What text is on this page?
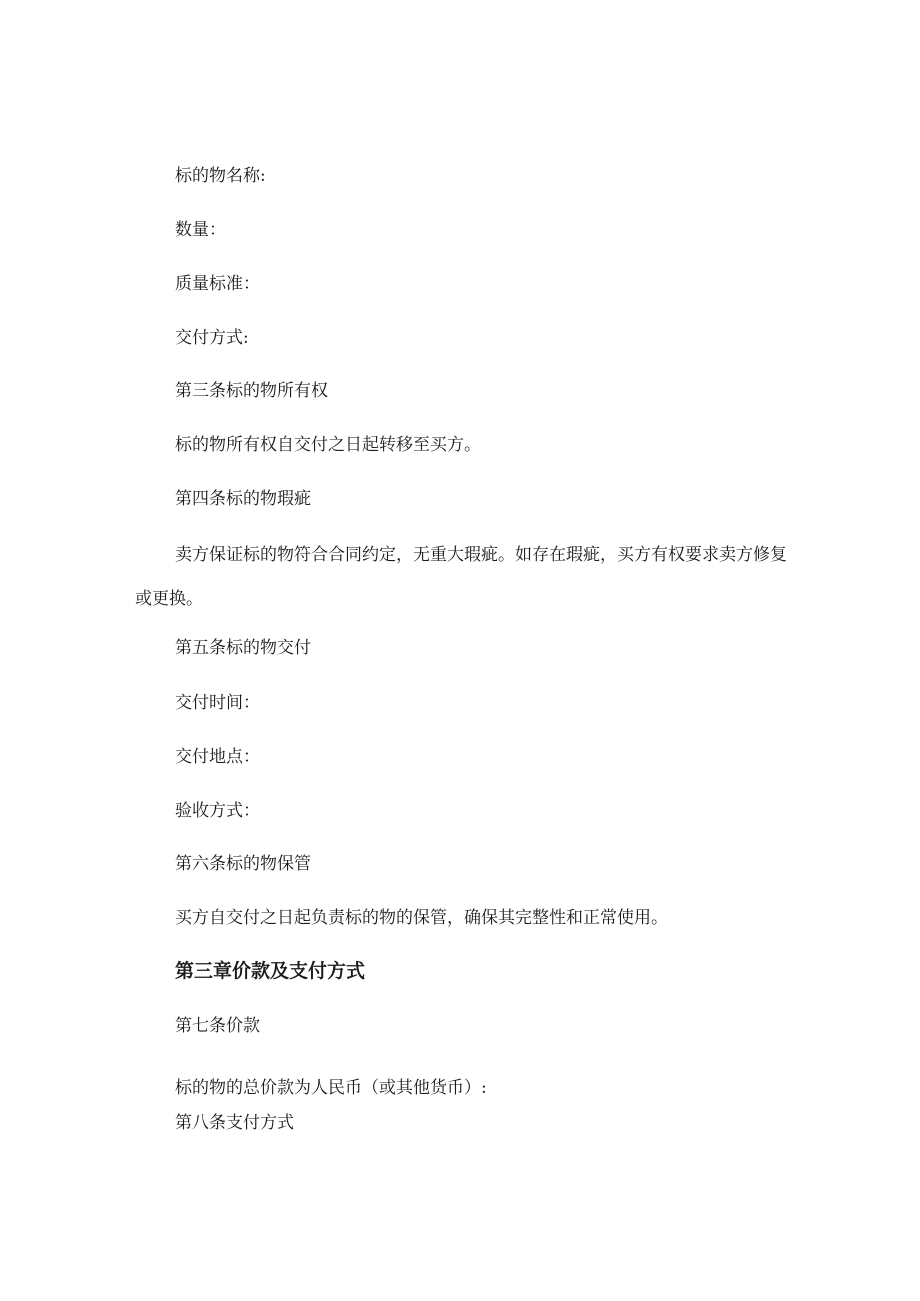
标的物名称:
数量：
质量标准：
交付方式:
第三条标的物所有权
标的物所有权自交付之日起转移至买方。
第四条标的物瑕疵
卖方保证标的物符合合同约定，无重大瑕疵。如存在瑕疵，买方有权要求卖方修复或更换。
第五条标的物交付
交付时间：
交付地点：
验收方式：
第六条标的物保管
买方自交付之日起负责标的物的保管，确保其完整性和正常使用。
第三章价款及支付方式
第七条价款
标的物的总价款为人民币（或其他货币）:
第八条支付方式
